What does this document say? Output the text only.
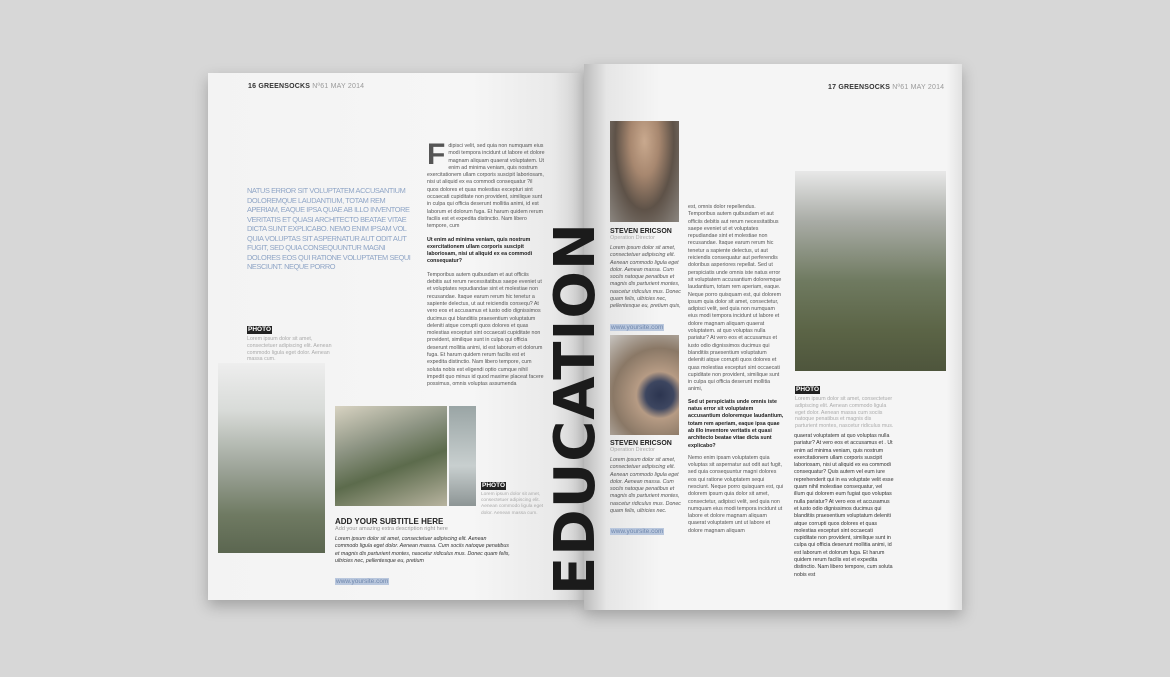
16 GREENSOCKS Nº61 MAY 2014
NATUS ERROR SIT VOLUPTATEM ACCUSANTIUM DOLOREMQUE LAUDANTIUM, TOTAM REM APERIAM, EAQUE IPSA QUAE AB ILLO INVENTORE VERITATIS ET QUASI ARCHITECTO BEATAE VITAE DICTA SUNT EXPLICABO. NEMO ENIM IPSAM VOL QUIA VOLUPTAS SIT ASPERNATUR AUT ODIT AUT FUGIT, SED QUIA CONSEQUUNTUR MAGNI DOLORES EOS QUI RATIONE VOLUPTATEM SEQUI NESCIUNT. NEQUE PORRO
PHOTO
Lorem ipsum dolor sit amet, consectetuer adipiscing elit. Aenean commodo ligula eget dolor. Aenean massa cum.
F dipisci velit, sed quia non numquam eius modi tempora incidunt ut labore et dolore magnam aliquam quaerat voluptatem. Ut enim ad minima veniam, quis nostrum exercitationem ullam corporis suscipit laboriosam, nisi ut aliquid ex ea commodi consequatur ?il quos dolores et quas molestias excepturi sint occaecati cupiditate non provident, similique sunt in culpa qui officia deserunt mollitia animi, id est laborum et dolorum fuga. Et harum quidem rerum facilis est et expedita distinctio. Nam libero tempore, cum
Ut enim ad minima veniam, quis nostrum exercitationem ullam corporis suscipit laboriosam, nisi ut aliquid ex ea commodi consequatur?
Temporibus autem quibusdam et aut officiis debitis aut rerum necessitatibus saepe eveniet ut et voluptates repudiandae sint et molestiae non recusandae. Itaque earum rerum hic tenetur a sapiente delectus, ut aut reiciendis consequ? At vero eos et accusamus et iusto odio dignissimos ducimus qui blanditiis praesentium voluptatum deleniti atque corrupti quos dolores et quas molestias excepturi sint occaecati cupiditate non provident, similique sunt in culpa qui officia deserunt mollitia animi, id est laborum et dolorum fuga. Et harum quidem rerum facilis est et expedita distinctio. Nam libero tempore, cum soluta nobis est eligendi optio cumque nihil impedit quo minus id quod maxime placeat facere possimus, omnis voluptas assumenda
PHOTO
Lorem ipsum dolor sit amet, consectetuer adipiscing elit. Aenean commodo ligula eget dolor. Aenean massa cum.
ADD YOUR SUBTITLE HERE
Add your amazing extra description right here
Lorem ipsum dolor sit amet, consectetuer adipiscing elit. Aenean commodo ligula eget dolor. Aenean massa. Cum sociis natoque penatibus et magnis dis parturient montes, nascetur ridiculus mus. Donec quam felis, ultricies nec, pellentesque eu, pretium
www.yoursite.com	EDUCATION
17 GREENSOCKS Nº61 MAY 2014
STEVEN ERICSON
Operation Director
Lorem ipsum dolor sit amet, consectetuer adipiscing elit. Aenean commodo ligula eget dolor. Aenean massa. Cum sociis natoque penatibus et magnis dis parturient montes, nascetur ridiculus mus. Donec quam felis, ultricies nec, pellentesque eu, pretium quis,
www.yoursite.com
STEVEN ERICSON
Operation Director
Lorem ipsum dolor sit amet, consectetuer adipiscing elit. Aenean commodo ligula eget dolor. Aenean massa. Cum sociis natoque penatibus et magnis dis parturient montes, nascetur ridiculus mus. Donec quam felis, ultricies nec.
www.yoursite.com
est, omnis dolor repellendus. Temporibus autem quibusdam et aut officiis debitis aut rerum necessitatibus saepe eveniet ut et voluptates repudiandae sint et molestiae non recusandae. Itaque earum rerum hic tenetur a sapiente delectus, ut aut reiciendis consequatur aut perferendis doloribus asperiores repellat. Sed ut perspiciatis unde omnis iste natus error sit voluptatem accusantium doloremque laudantium, totam rem aperiam, eaque. Neque porro quisquam est, qui dolorem ipsum quia dolor sit amet, consectetur, adipisci velit, sed quia non numquam eius modi tempora incidunt ut labore et dolore magnam aliquam quaerat voluptatem. at quo voluptas nulla pariatur? At vero eos et accusamus et iusto odio dignissimos ducimus qui blanditiis praesentium voluptatum deleniti atque corrupti quos dolores et quas molestias excepturi sint occaecati cupiditate non provident, similique sunt in culpa qui officia deserunt mollitia animi,
Sed ut perspiciatis unde omnis iste natus error sit voluptatem accusantium doloremque laudantium, totam rem aperiam, eaque ipsa quae ab illo inventore veritatis et quasi architecto beatae vitae dicta sunt explicabo?
Nemo enim ipsam voluptatem quia voluptas sit aspernatur aut odit aut fugit, sed quia consequuntur magni dolores eos qui ratione voluptatem sequi nesciunt. Neque porro quisquam est, qui dolorem ipsum quia dolor sit amet, consectetur, adipisci velit, sed quia non numquam eius modi tempora incidunt ut labore et dolore magnam aliquam quaerat voluptatem unt ut labore et dolore magnam aliquam
PHOTO
Lorem ipsum dolor sit amet, consectetuer adipiscing elit. Aenean commodo ligula eget dolor. Aenean massa cum sociis natoque penatibus et magnis dis parturient montes, nascetur ridiculus mus.
quaerat voluptatem at quo voluptas nulla pariatur? At vero eos et accusamus et . Ut enim ad minima veniam, quis nostrum exercitationem ullam corporis suscipit laboriosam, nisi ut aliquid ex ea commodi consequatur? Quis autem vel eum iure reprehenderit qui in ea voluptate velit esse quam nihil molestiae consequatur, vel illum qui dolorem eum fugiat quo voluptas nulla pariatur? At vero eos et accusamus et iusto odio dignissimos ducimus qui blanditiis praesentium voluptatum deleniti atque corrupti quos dolores et quas molestias excepturi sint occaecati cupiditate non provident, similique sunt in culpa qui officia deserunt mollitia animi, id est laborum et dolorum fuga. Et harum quidem rerum facilis est et expedita distinctio. Nam libero tempore, cum soluta nobis est
